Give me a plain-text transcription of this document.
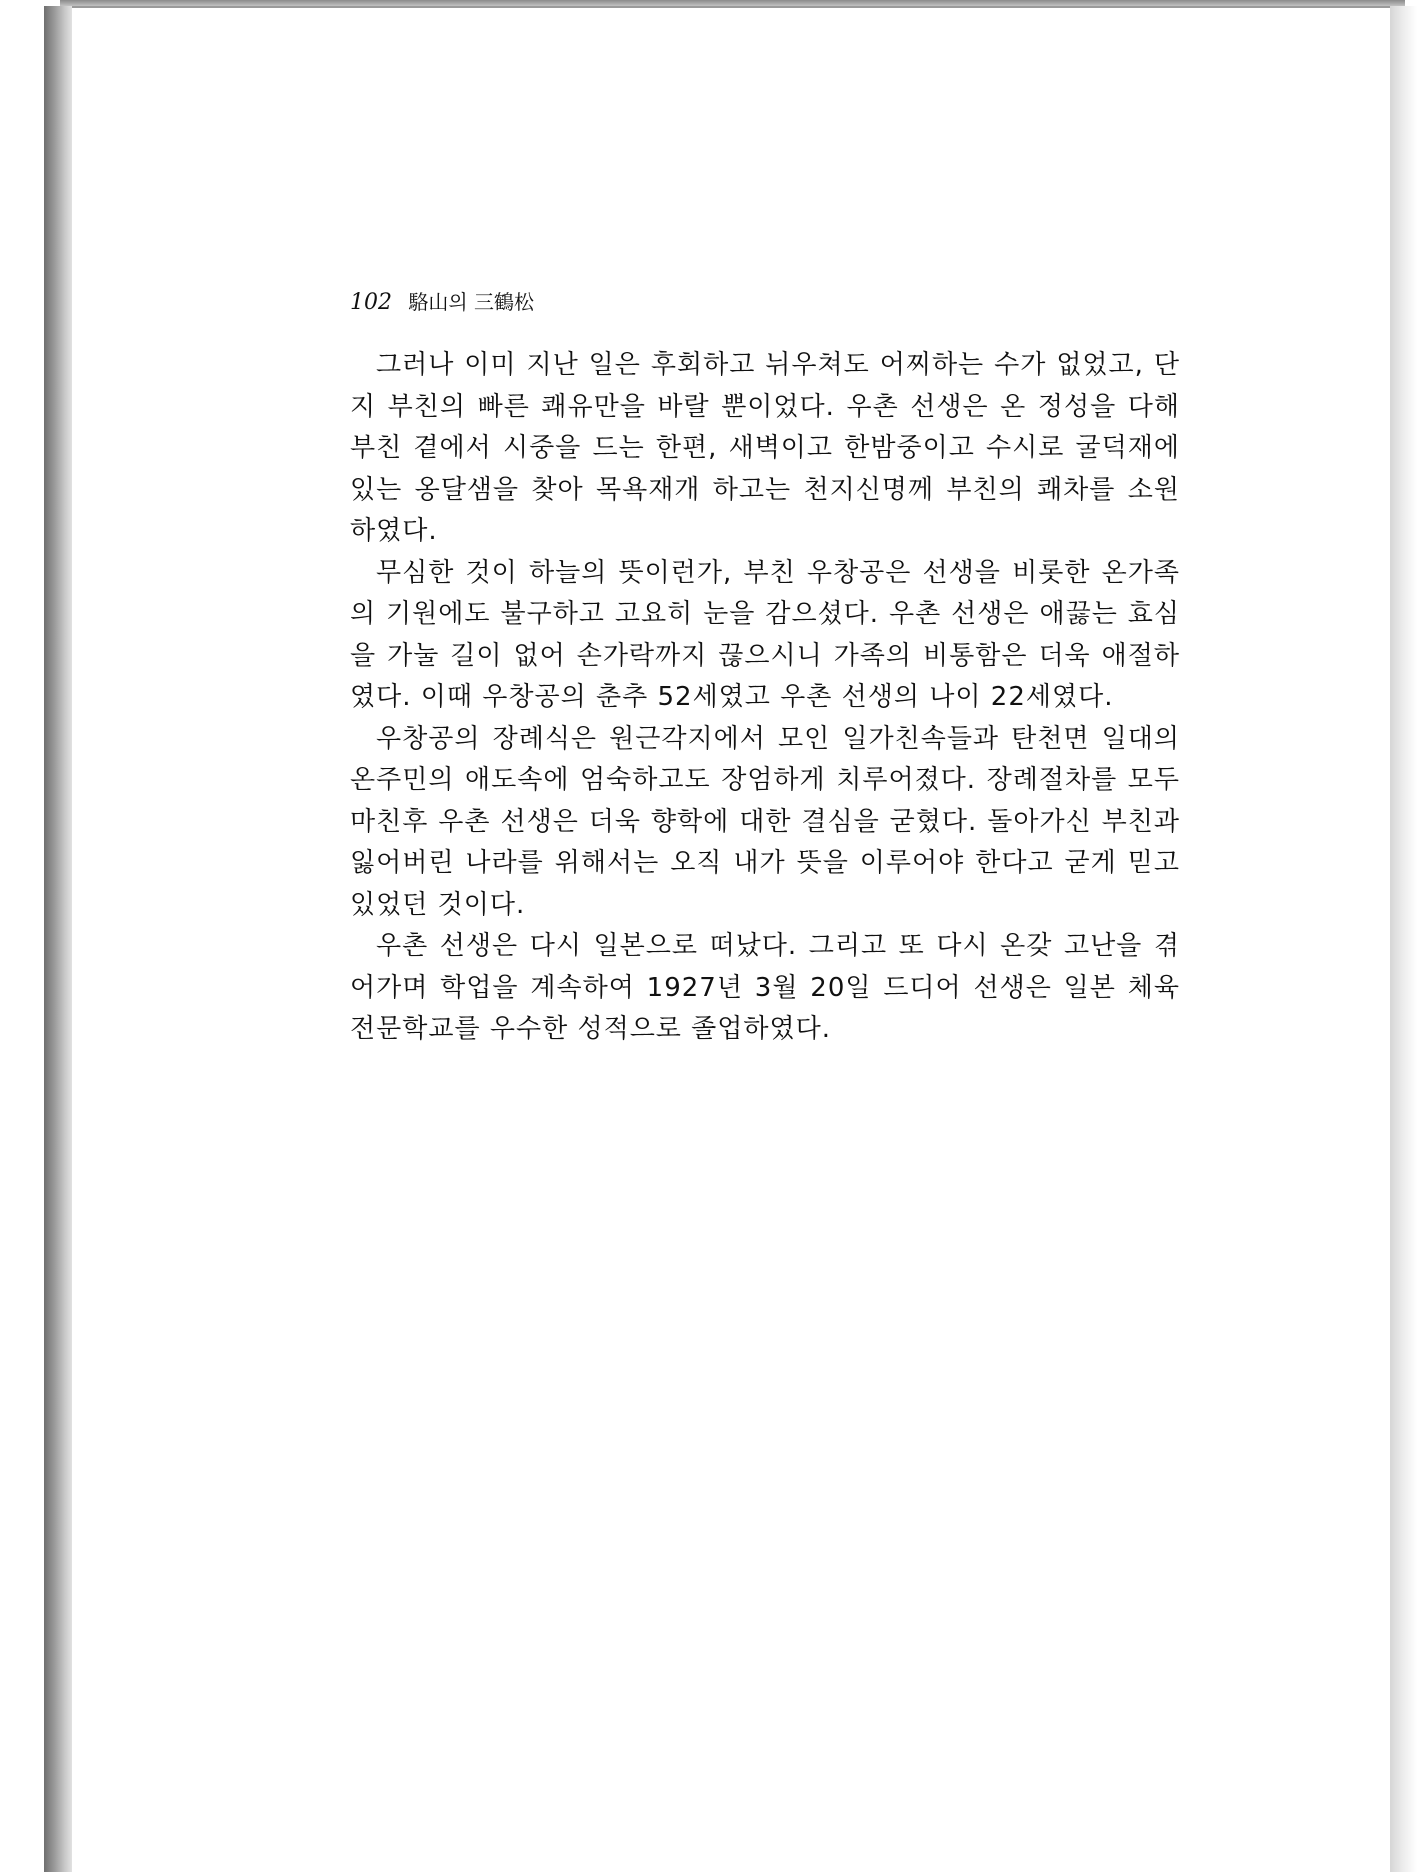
102 駱山의 三鶴松

그러나 이미 지난 일은 후회하고 뉘우쳐도 어찌하는 수가 없었고, 단지 부친의 빠른 쾌유만을 바랄 뿐이었다. 우촌 선생은 온 정성을 다해 부친 곁에서 시중을 드는 한편, 새벽이고 한밤중이고 수시로 굴덕재에 있는 옹달샘을 찾아 목욕재개 하고는 천지신명께 부친의 쾌차를 소원하였다.

무심한 것이 하늘의 뜻이런가, 부친 우창공은 선생을 비롯한 온가족의 기원에도 불구하고 고요히 눈을 감으셨다. 우촌 선생은 애끓는 효심을 가눌 길이 없어 손가락까지 끊으시니 가족의 비통함은 더욱 애절하였다. 이때 우창공의 춘추 52세였고 우촌 선생의 나이 22세였다.

우창공의 장례식은 원근각지에서 모인 일가친속들과 탄천면 일대의 온주민의 애도속에 엄숙하고도 장엄하게 치루어졌다. 장례절차를 모두 마친후 우촌 선생은 더욱 향학에 대한 결심을 굳혔다. 돌아가신 부친과 잃어버린 나라를 위해서는 오직 내가 뜻을 이루어야 한다고 굳게 믿고 있었던 것이다.

우촌 선생은 다시 일본으로 떠났다. 그리고 또 다시 온갖 고난을 겪어가며 학업을 계속하여 1927년 3월 20일 드디어 선생은 일본 체육전문학교를 우수한 성적으로 졸업하였다.
